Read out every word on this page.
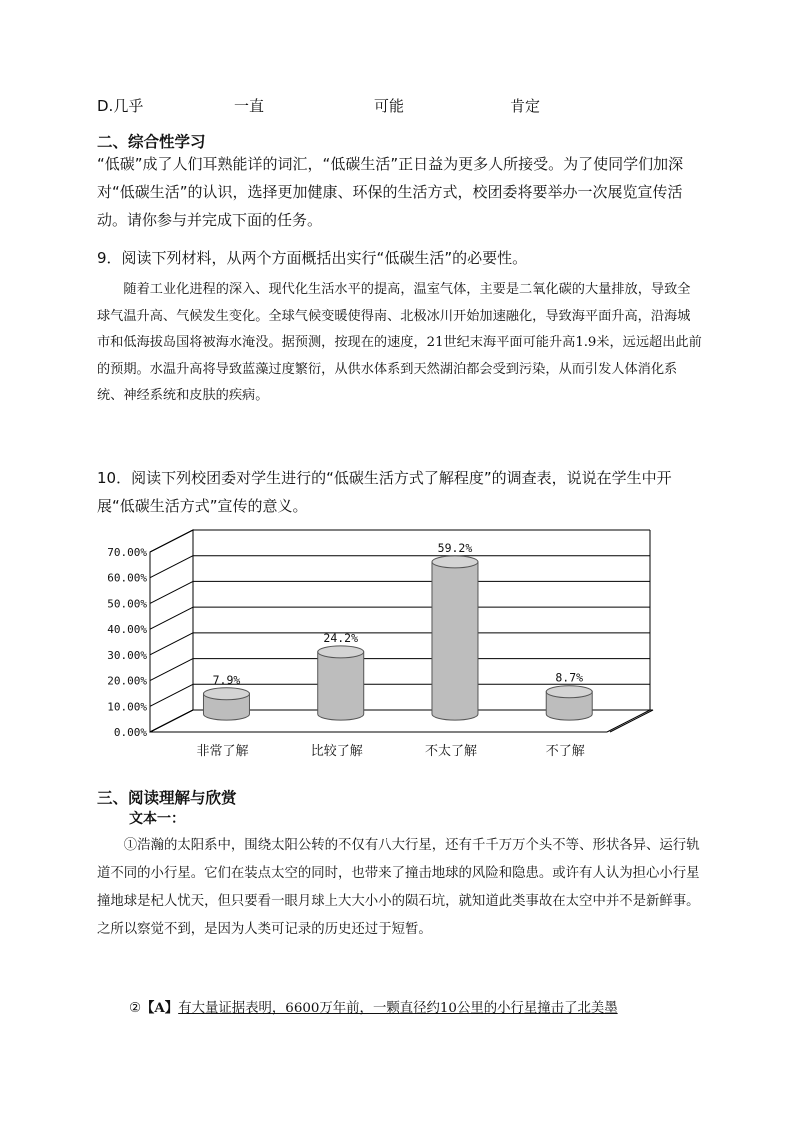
D.几乎	一直	可能	肯定
二、综合性学习
“低碳”成了人们耳熟能详的词汇，“低碳生活”正日益为更多人所接受。为了使同学们加深对“低碳生活”的认识，选择更加健康、环保的生活方式，校团委将要举办一次展览宣传活动。请你参与并完成下面的任务。
9．阅读下列材料，从两个方面概括出实行“低碳生活”的必要性。
随着工业化进程的深入、现代化生活水平的提高，温室气体，主要是二氧化碳的大量排放，导致全球气温升高、气候发生变化。全球气候变暖使得南、北极冰川开始加速融化，导致海平面升高，沿海城市和低海拔岛国将被海水淹没。据预测，按现在的速度，21世纪末海平面可能升高1.9米，远远超出此前的预期。水温升高将导致蓝藻过度繁衍，从供水体系到天然湖泊都会受到污染，从而引发人体消化系统、神经系统和皮肤的疾病。
10．阅读下列校团委对学生进行的“低碳生活方式了解程度”的调查表，说说在学生中开展“低碳生活方式”宣传的意义。
0.00%
10.00%
20.00%
30.00%
40.00%
50.00%
60.00%
70.00%
7.9%
24.2%
59.2%
8.7%
非常了解	比较了解	不太了解	不了解
三、阅读理解与欣赏
文本一：
①浩瀚的太阳系中，围绕太阳公转的不仅有八大行星，还有千千万万个头不等、形状各异、运行轨道不同的小行星。它们在装点太空的同时，也带来了撞击地球的风险和隐患。或许有人认为担心小行星撞地球是杞人忧天，但只要看一眼月球上大大小小的陨石坑，就知道此类事故在太空中并不是新鲜事。之所以察觉不到，是因为人类可记录的历史还过于短暂。
②【A】有大量证据表明，6600万年前，一颗直径约10公里的小行星撞击了北美墨
